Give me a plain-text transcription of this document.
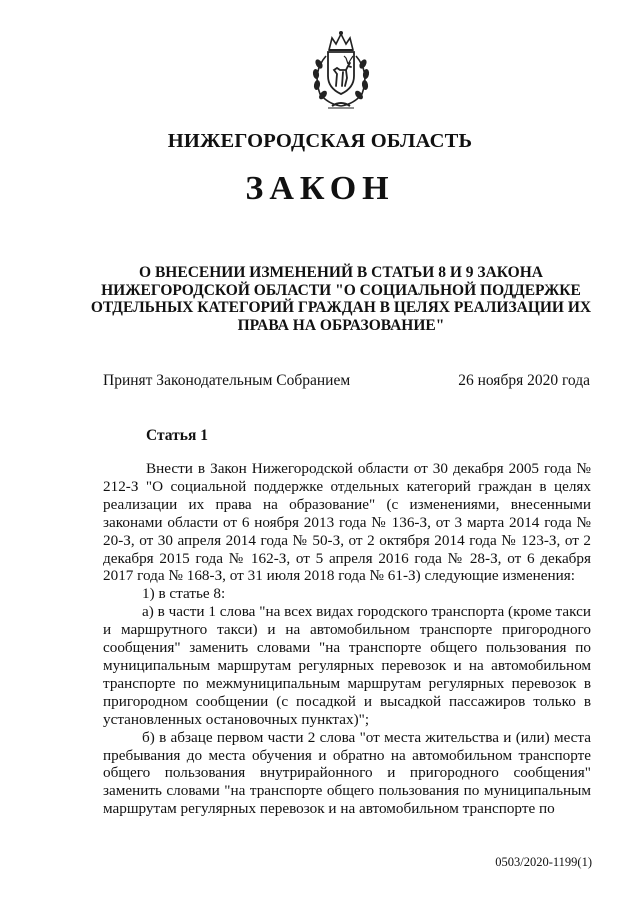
НИЖЕГОРОДСКАЯ ОБЛАСТЬ
ЗАКОН
О ВНЕСЕНИИ ИЗМЕНЕНИЙ В СТАТЬИ 8 И 9 ЗАКОНА НИЖЕГОРОДСКОЙ ОБЛАСТИ "О СОЦИАЛЬНОЙ ПОДДЕРЖКЕ ОТДЕЛЬНЫХ КАТЕГОРИЙ ГРАЖДАН В ЦЕЛЯХ РЕАЛИЗАЦИИ ИХ ПРАВА НА ОБРАЗОВАНИЕ"
Принят Законодательным Собранием	26 ноября 2020 года
Статья 1

Внести в Закон Нижегородской области от 30 декабря 2005 года № 212-З "О социальной поддержке отдельных категорий граждан в целях реализации их права на образование" (с изменениями, внесенными законами области от 6 ноября 2013 года № 136-З, от 3 марта 2014 года № 20-З, от 30 апреля 2014 года № 50-З, от 2 октября 2014 года № 123-З, от 2 декабря 2015 года № 162-З, от 5 апреля 2016 года № 28-З, от 6 декабря 2017 года № 168-З, от 31 июля 2018 года № 61-З) следующие изменения:

1) в статье 8:

а) в части 1 слова "на всех видах городского транспорта (кроме такси и маршрутного такси) и на автомобильном транспорте пригородного сообщения" заменить словами "на транспорте общего пользования по муниципальным маршрутам регулярных перевозок и на автомобильном транспорте по межмуниципальным маршрутам регулярных перевозок в пригородном сообщении (с посадкой и высадкой пассажиров только в установленных остановочных пунктах)";

б) в абзаце первом части 2 слова "от места жительства и (или) места пребывания до места обучения и обратно на автомобильном транспорте общего пользования внутрирайонного и пригородного сообщения" заменить словами "на транспорте общего пользования по муниципальным маршрутам регулярных перевозок и на автомобильном транспорте по

0503/2020-1199(1)
